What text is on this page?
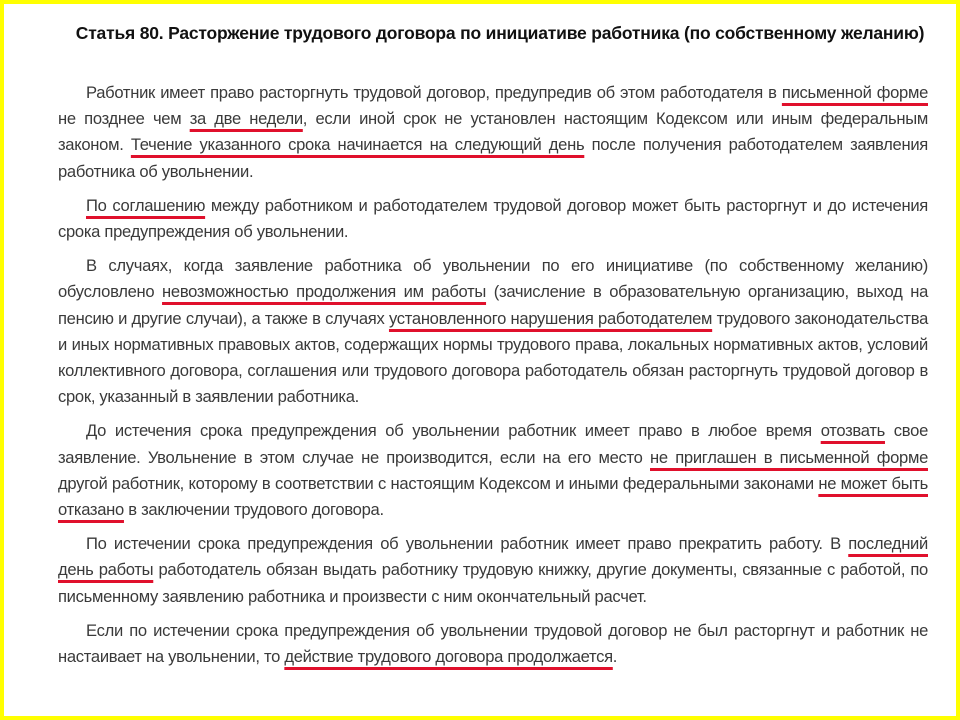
Статья 80. Расторжение трудового договора по инициативе работника (по собственному желанию)

Работник имеет право расторгнуть трудовой договор, предупредив об этом работодателя в письменной форме не позднее чем за две недели, если иной срок не установлен настоящим Кодексом или иным федеральным законом. Течение указанного срока начинается на следующий день после получения работодателем заявления работника об увольнении.

По соглашению между работником и работодателем трудовой договор может быть расторгнут и до истечения срока предупреждения об увольнении.

В случаях, когда заявление работника об увольнении по его инициативе (по собственному желанию) обусловлено невозможностью продолжения им работы (зачисление в образовательную организацию, выход на пенсию и другие случаи), а также в случаях установленного нарушения работодателем трудового законодательства и иных нормативных правовых актов, содержащих нормы трудового права, локальных нормативных актов, условий коллективного договора, соглашения или трудового договора работодатель обязан расторгнуть трудовой договор в срок, указанный в заявлении работника.

До истечения срока предупреждения об увольнении работник имеет право в любое время отозвать свое заявление. Увольнение в этом случае не производится, если на его место не приглашен в письменной форме другой работник, которому в соответствии с настоящим Кодексом и иными федеральными законами не может быть отказано в заключении трудового договора.

По истечении срока предупреждения об увольнении работник имеет право прекратить работу. В последний день работы работодатель обязан выдать работнику трудовую книжку, другие документы, связанные с работой, по письменному заявлению работника и произвести с ним окончательный расчет.

Если по истечении срока предупреждения об увольнении трудовой договор не был расторгнут и работник не настаивает на увольнении, то действие трудового договора продолжается.
